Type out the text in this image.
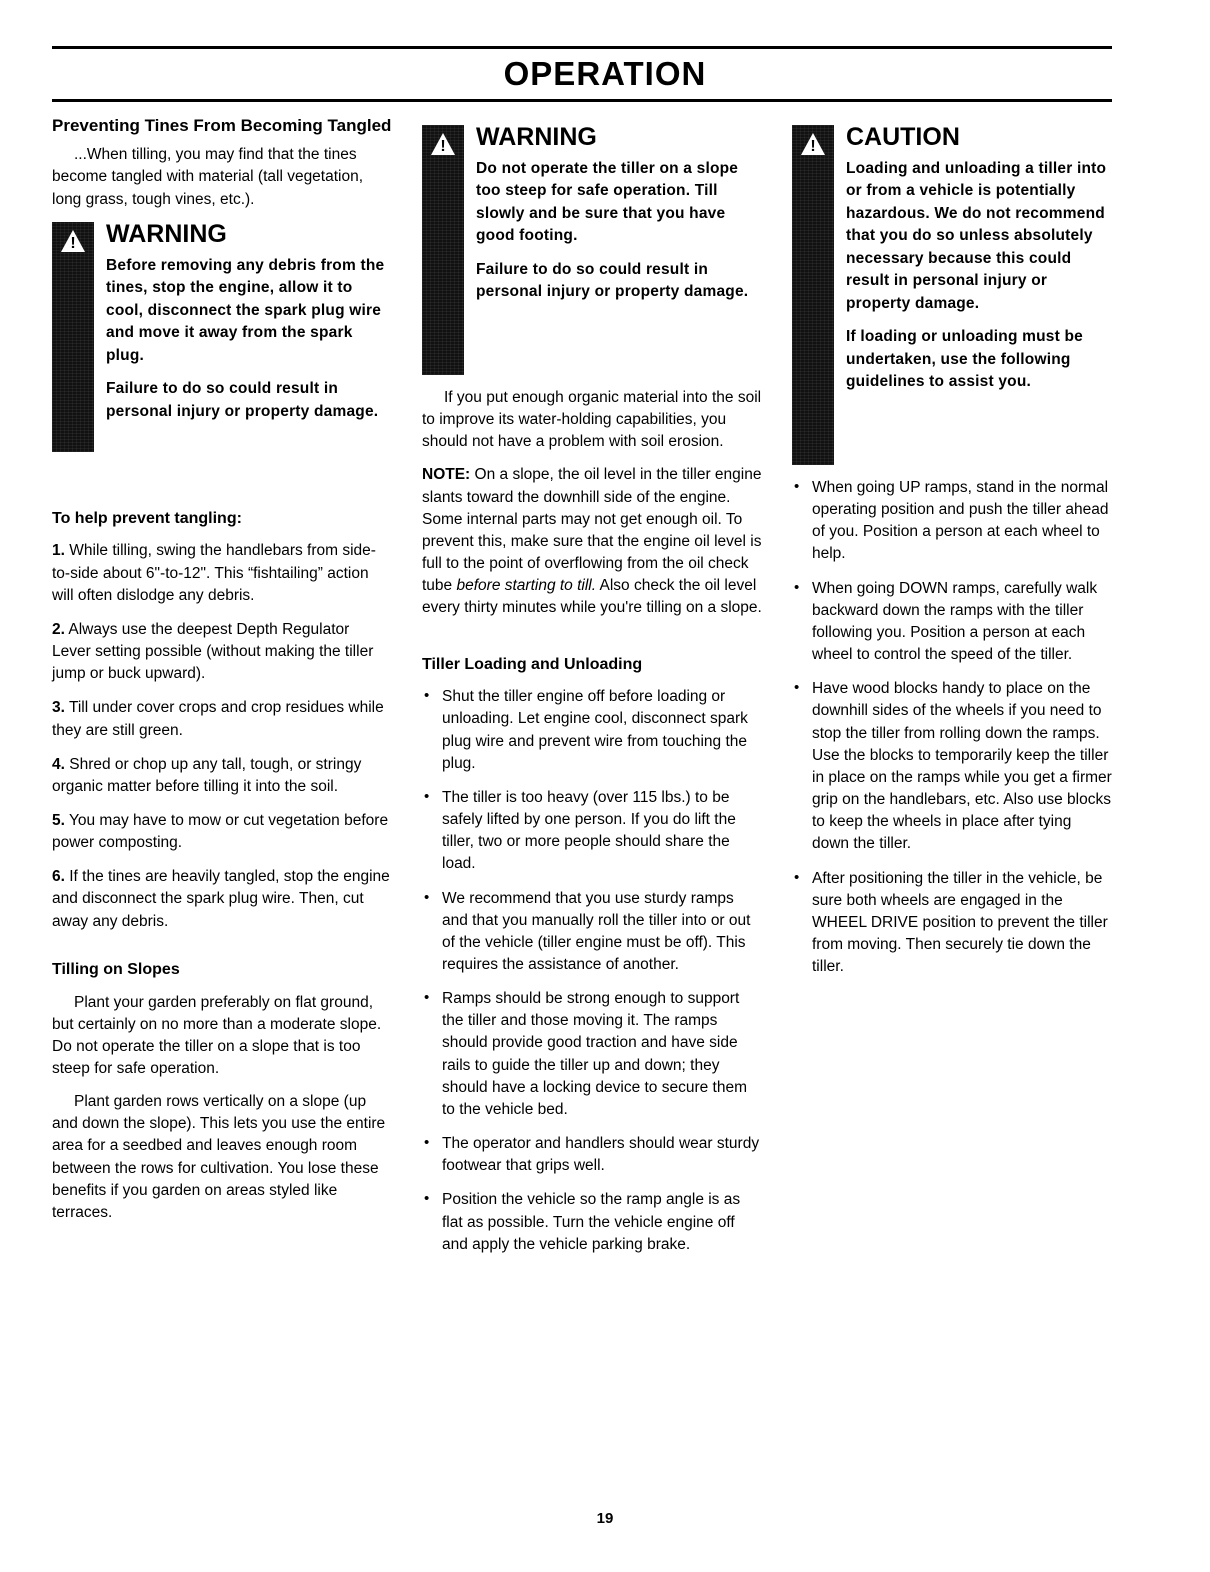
OPERATION
Preventing Tines From Becoming Tangled

...When tilling, you may find that the tines become tangled with material (tall vegetation, long grass, tough vines, etc.).

!	WARNING

Before removing any debris from the tines, stop the engine, allow it to cool, disconnect the spark plug wire and move it away from the spark plug.

Failure to do so could result in personal injury or property damage.

To help prevent tangling:

1. While tilling, swing the handlebars from side-to-side about 6"-to-12". This “fishtailing” action will often dislodge any debris.

2. Always use the deepest Depth Regulator Lever setting possible (without making the tiller jump or buck upward).

3. Till under cover crops and crop residues while they are still green.

4. Shred or chop up any tall, tough, or stringy organic matter before tilling it into the soil.

5. You may have to mow or cut vegetation before power composting.

6. If the tines are heavily tangled, stop the engine and disconnect the spark plug wire. Then, cut away any debris.

Tilling on Slopes

Plant your garden preferably on flat ground, but certainly on no more than a moderate slope. Do not operate the tiller on a slope that is too steep for safe operation.

Plant garden rows vertically on a slope (up and down the slope). This lets you use the entire area for a seedbed and leaves enough room between the rows for cultivation. You lose these benefits if you garden on areas styled like terraces.

!	WARNING

Do not operate the tiller on a slope too steep for safe operation. Till slowly and be sure that you have good footing.

Failure to do so could result in personal injury or property damage.

If you put enough organic material into the soil to improve its water-holding capabilities, you should not have a problem with soil erosion.

NOTE: On a slope, the oil level in the tiller engine slants toward the downhill side of the engine. Some internal parts may not get enough oil. To prevent this, make sure that the engine oil level is full to the point of overflowing from the oil check tube before starting to till. Also check the oil level every thirty minutes while you're tilling on a slope.

Tiller Loading and Unloading

• Shut the tiller engine off before loading or unloading. Let engine cool, disconnect spark plug wire and prevent wire from touching the plug.

• The tiller is too heavy (over 115 lbs.) to be safely lifted by one person. If you do lift the tiller, two or more people should share the load.

• We recommend that you use sturdy ramps and that you manually roll the tiller into or out of the vehicle (tiller engine must be off). This requires the assistance of another.

• Ramps should be strong enough to support the tiller and those moving it. The ramps should provide good traction and have side rails to guide the tiller up and down; they should have a locking device to secure them to the vehicle bed.

• The operator and handlers should wear sturdy footwear that grips well.

• Position the vehicle so the ramp angle is as flat as possible. Turn the vehicle engine off and apply the vehicle parking brake.

!	CAUTION

Loading and unloading a tiller into or from a vehicle is potentially hazardous. We do not recommend that you do so unless absolutely necessary because this could result in personal injury or property damage.

If loading or unloading must be undertaken, use the following guidelines to assist you.

• When going UP ramps, stand in the normal operating position and push the tiller ahead of you. Position a person at each wheel to help.

• When going DOWN ramps, carefully walk backward down the ramps with the tiller following you. Position a person at each wheel to control the speed of the tiller.

• Have wood blocks handy to place on the downhill sides of the wheels if you need to stop the tiller from rolling down the ramps. Use the blocks to temporarily keep the tiller in place on the ramps while you get a firmer grip on the handlebars, etc. Also use blocks to keep the wheels in place after tying down the tiller.

• After positioning the tiller in the vehicle, be sure both wheels are engaged in the WHEEL DRIVE position to prevent the tiller from moving. Then securely tie down the tiller.

19
